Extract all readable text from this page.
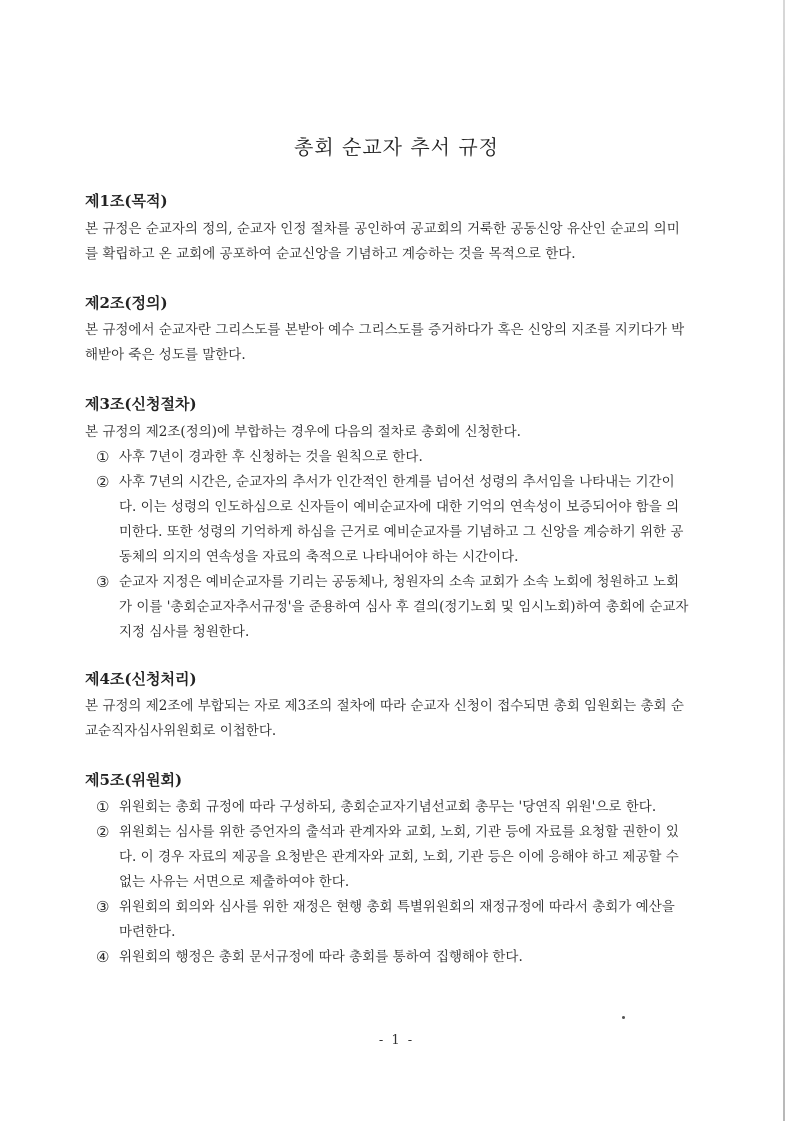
총회 순교자 추서 규정
제1조(목적)
본 규정은 순교자의 정의, 순교자 인정 절차를 공인하여 공교회의 거룩한 공동신앙 유산인 순교의 의미
를 확립하고 온 교회에 공포하여 순교신앙을 기념하고 계승하는 것을 목적으로 한다.
제2조(정의)
본 규정에서 순교자란 그리스도를 본받아 예수 그리스도를 증거하다가 혹은 신앙의 지조를 지키다가 박
해받아 죽은 성도를 말한다.
제3조(신청절차)
본 규정의 제2조(정의)에 부합하는 경우에 다음의 절차로 총회에 신청한다.
① 사후 7년이 경과한 후 신청하는 것을 원칙으로 한다.
② 사후 7년의 시간은, 순교자의 추서가 인간적인 한계를 넘어선 성령의 추서임을 나타내는 기간이
다. 이는 성령의 인도하심으로 신자들이 예비순교자에 대한 기억의 연속성이 보증되어야 함을 의
미한다. 또한 성령의 기억하게 하심을 근거로 예비순교자를 기념하고 그 신앙을 계승하기 위한 공
동체의 의지의 연속성을 자료의 축적으로 나타내어야 하는 시간이다.
③ 순교자 지정은 예비순교자를 기리는 공동체나, 청원자의 소속 교회가 소속 노회에 청원하고 노회
가 이를 '총회순교자추서규정'을 준용하여 심사 후 결의(정기노회 및 임시노회)하여 총회에 순교자
지정 심사를 청원한다.
제4조(신청처리)
본 규정의 제2조에 부합되는 자로 제3조의 절차에 따라 순교자 신청이 접수되면 총회 임원회는 총회 순
교순직자심사위원회로 이첩한다.
제5조(위원회)
① 위원회는 총회 규정에 따라 구성하되, 총회순교자기념선교회 총무는 '당연직 위원'으로 한다.
② 위원회는 심사를 위한 증언자의 출석과 관계자와 교회, 노회, 기관 등에 자료를 요청할 권한이 있
다. 이 경우 자료의 제공을 요청받은 관계자와 교회, 노회, 기관 등은 이에 응해야 하고 제공할 수
없는 사유는 서면으로 제출하여야 한다.
③ 위원회의 회의와 심사를 위한 재정은 현행 총회 특별위원회의 재정규정에 따라서 총회가 예산을
마련한다.
④ 위원회의 행정은 총회 문서규정에 따라 총회를 통하여 집행해야 한다.
- 1 -
